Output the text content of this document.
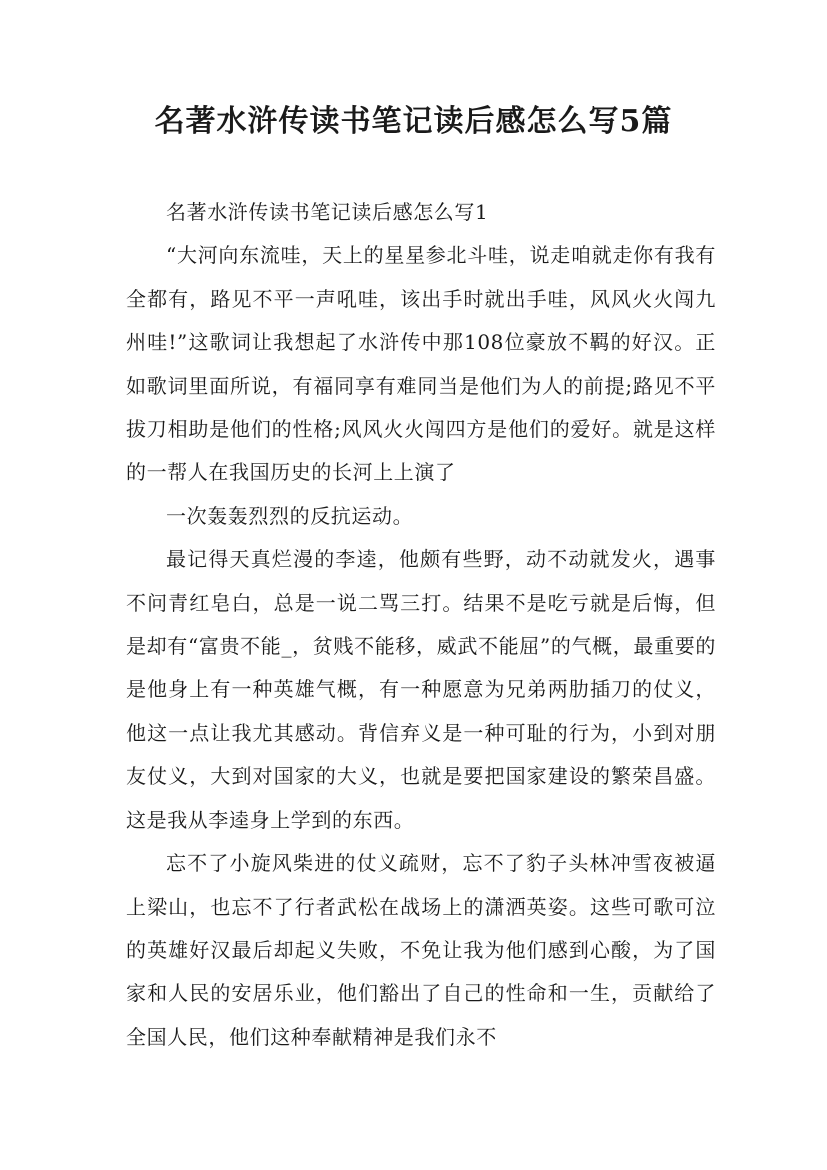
名著水浒传读书笔记读后感怎么写5篇

名著水浒传读书笔记读后感怎么写1

“大河向东流哇，天上的星星参北斗哇，说走咱就走你有我有全都有，路见不平一声吼哇，该出手时就出手哇，风风火火闯九州哇!”这歌词让我想起了水浒传中那108位豪放不羁的好汉。正如歌词里面所说，有福同享有难同当是他们为人的前提;路见不平拔刀相助是他们的性格;风风火火闯四方是他们的爱好。就是这样的一帮人在我国历史的长河上上演了

一次轰轰烈烈的反抗运动。

最记得天真烂漫的李逵，他颇有些野，动不动就发火，遇事不问青红皂白，总是一说二骂三打。结果不是吃亏就是后悔，但是却有“富贵不能_，贫贱不能移，威武不能屈”的气概，最重要的是他身上有一种英雄气概，有一种愿意为兄弟两肋插刀的仗义，他这一点让我尤其感动。背信弃义是一种可耻的行为，小到对朋友仗义，大到对国家的大义，也就是要把国家建设的繁荣昌盛。这是我从李逵身上学到的东西。

忘不了小旋风柴进的仗义疏财，忘不了豹子头林冲雪夜被逼上梁山，也忘不了行者武松在战场上的潇洒英姿。这些可歌可泣的英雄好汉最后却起义失败，不免让我为他们感到心酸，为了国家和人民的安居乐业，他们豁出了自己的性命和一生，贡献给了全国人民，他们这种奉献精神是我们永不
